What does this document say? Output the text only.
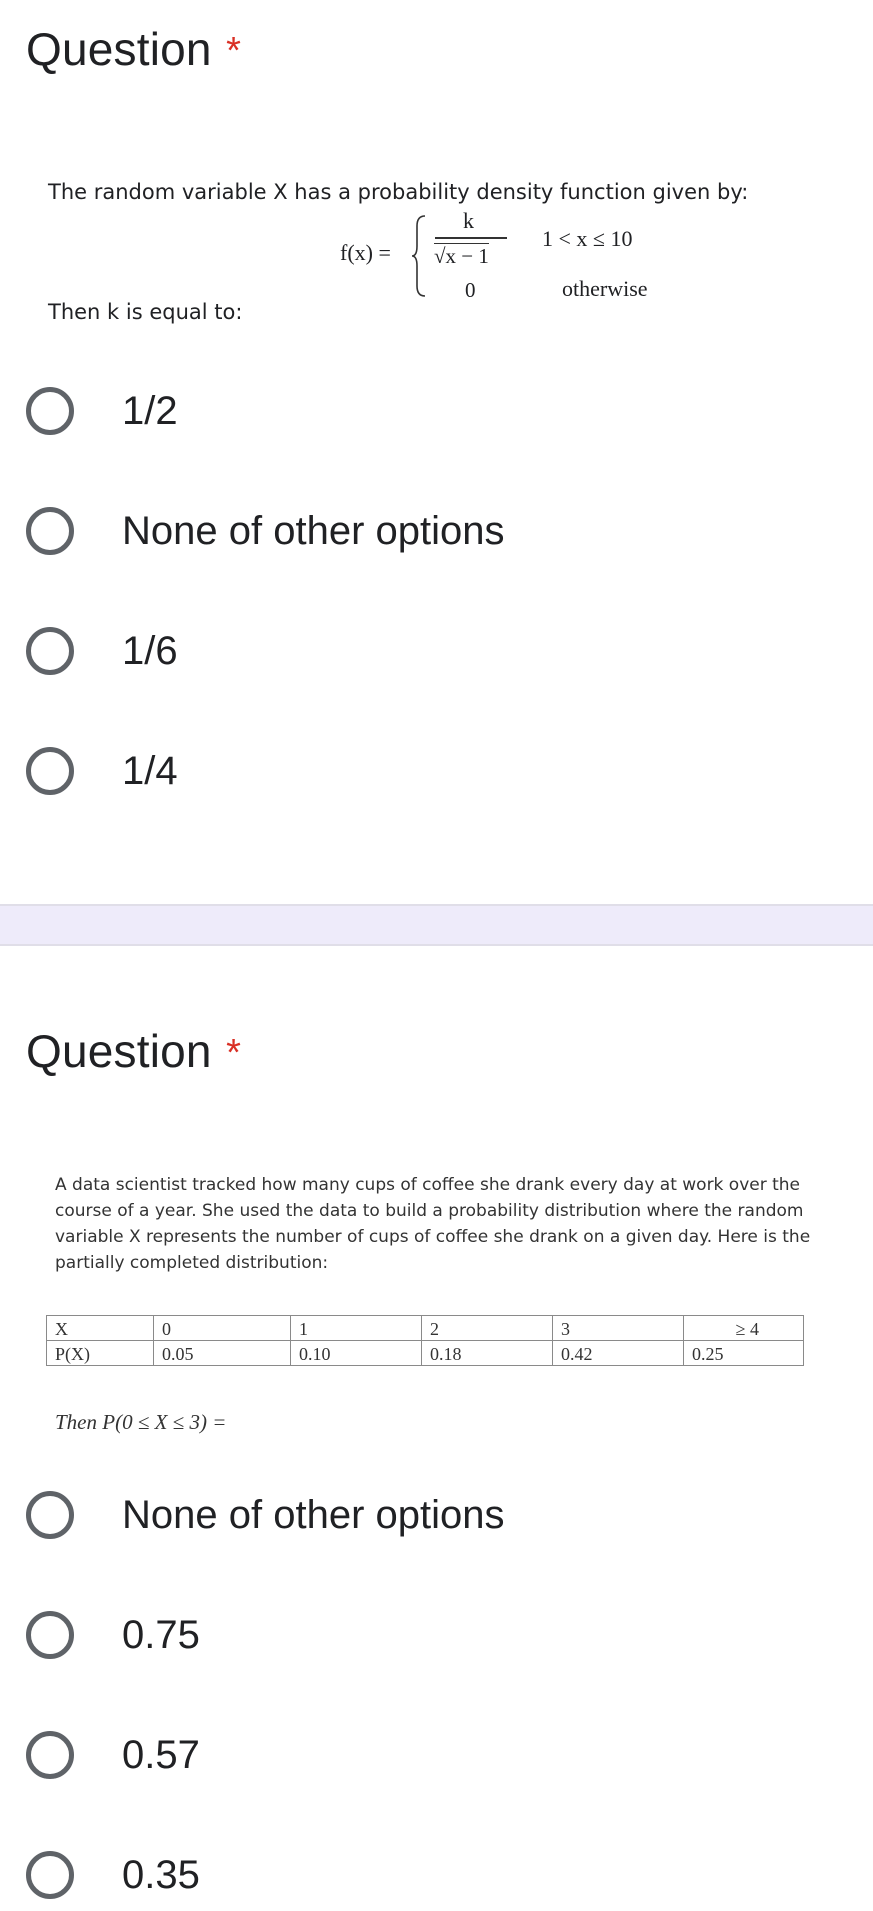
Question *
The random variable X has a probability density function given by:
f(x) =
k
√x − 1
1 < x ≤ 10
0	otherwise
Then k is equal to:
1/2
None of other options
1/6
1/4
Question *
A data scientist tracked how many cups of coffee she drank every day at work over the
course of a year. She used the data to build a probability distribution where the random
variable X represents the number of cups of coffee she drank on a given day. Here is the
partially completed distribution:
X	0	1	2	3	≥ 4
P(X)	0.05	0.10	0.18	0.42	0.25
Then P(0 ≤ X ≤ 3) =
None of other options
0.75
0.57
0.35
